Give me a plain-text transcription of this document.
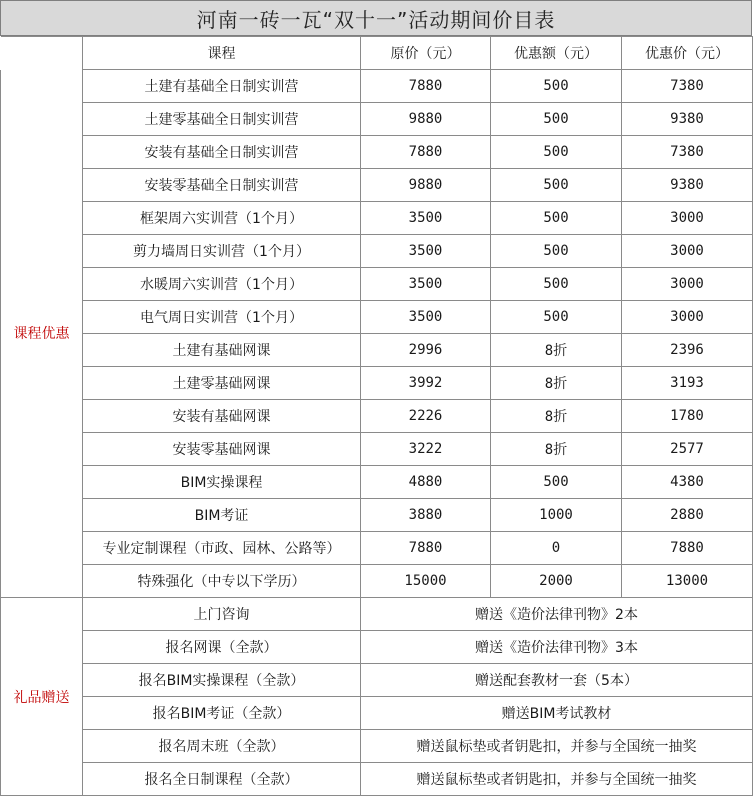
河南一砖一瓦“双十一”活动期间价目表
	课程	原价（元）	优惠额（元）	优惠价（元）
课程优惠	土建有基础全日制实训营	7880	500	7380
	土建零基础全日制实训营	9880	500	9380
	安装有基础全日制实训营	7880	500	7380
	安装零基础全日制实训营	9880	500	9380
	框架周六实训营（1个月）	3500	500	3000
	剪力墙周日实训营（1个月）	3500	500	3000
	水暖周六实训营（1个月）	3500	500	3000
	电气周日实训营（1个月）	3500	500	3000
	土建有基础网课	2996	8折	2396
	土建零基础网课	3992	8折	3193
	安装有基础网课	2226	8折	1780
	安装零基础网课	3222	8折	2577
	BIM实操课程	4880	500	4380
	BIM考证	3880	1000	2880
	专业定制课程（市政、园林、公路等）	7880	0	7880
	特殊强化（中专以下学历）	15000	2000	13000
礼品赠送	上门咨询	赠送《造价法律刊物》2本		
	报名网课（全款）	赠送《造价法律刊物》3本		
	报名BIM实操课程（全款）	赠送配套教材一套（5本）		
	报名BIM考证（全款）	赠送BIM考试教材		
	报名周末班（全款）	赠送鼠标垫或者钥匙扣，并参与全国统一抽奖		
	报名全日制课程（全款）	赠送鼠标垫或者钥匙扣，并参与全国统一抽奖		
